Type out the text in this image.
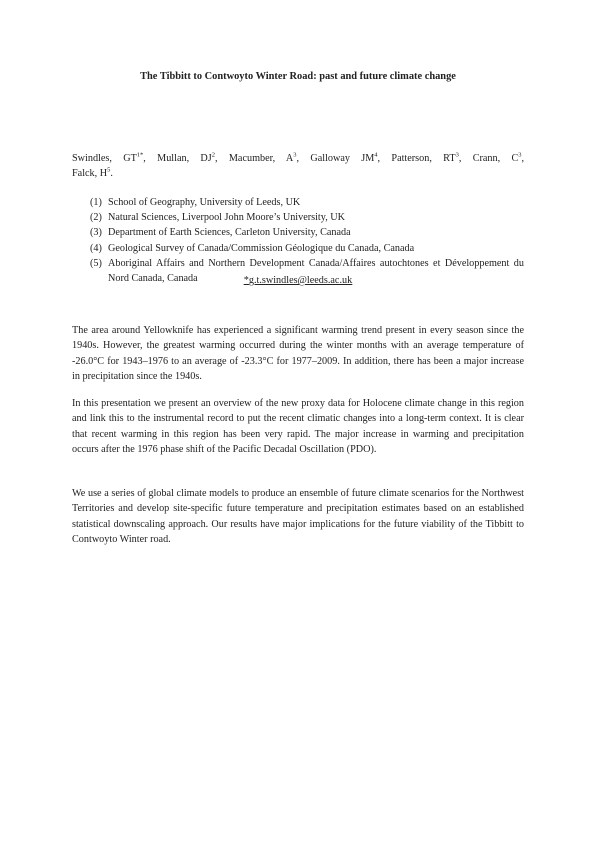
The Tibbitt to Contwoyto Winter Road: past and future climate change
Swindles, $GT^{1*}$, Mullan, $DJ^2$, Macumber, $A^3$, Galloway $JM^4$, Patterson, $RT^3$, Crann, $C^3$,
Falck, $H^5$.
(1) School of Geography, University of Leeds, UK
(2) Natural Sciences, Liverpool John Moore’s University, UK
(3) Department of Earth Sciences, Carleton University, Canada
(4) Geological Survey of Canada/Commission Géologique du Canada, Canada
(5) Aboriginal Affairs and Northern Development Canada/Affaires autochtones et Développement du Nord Canada, Canada	*g.t.swindles@leeds.ac.uk

The area around Yellowknife has experienced a significant warming trend present in every season since the 1940s. However, the greatest warming occurred during the winter months with an average temperature of -26.0°C for 1943–1976 to an average of -23.3°C for 1977–2009. In addition, there has been a major increase in precipitation since the 1940s.

In this presentation we present an overview of the new proxy data for Holocene climate change in this region and link this to the instrumental record to put the recent climatic changes into a long-term context. It is clear that recent warming in this region has been very rapid. The major increase in warming and precipitation occurs after the 1976 phase shift of the Pacific Decadal Oscillation (PDO).

We use a series of global climate models to produce an ensemble of future climate scenarios for the Northwest Territories and develop site-specific future temperature and precipitation estimates based on an established statistical downscaling approach. Our results have major implications for the future viability of the Tibbitt to Contwoyto Winter road.
